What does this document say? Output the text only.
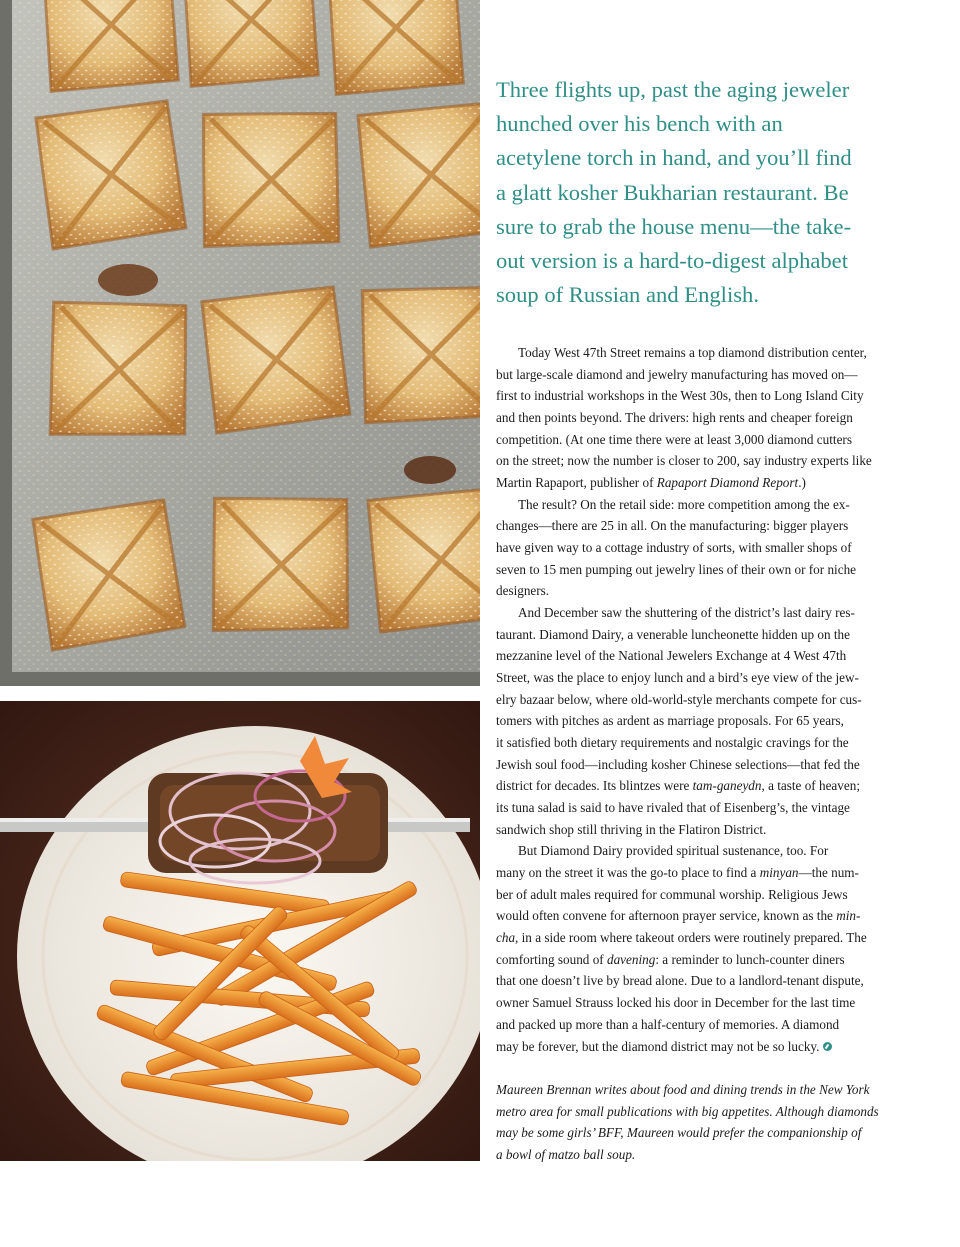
Three flights up, past the aging jeweler
hunched over his bench with an
acetylene torch in hand, and you’ll find
a glatt kosher Bukharian restaurant. Be
sure to grab the house menu—the take-
out version is a hard-to-digest alphabet
soup of Russian and English.

Today West 47th Street remains a top diamond distribution center,
but large-scale diamond and jewelry manufacturing has moved on—
first to industrial workshops in the West 30s, then to Long Island City
and then points beyond. The drivers: high rents and cheaper foreign
competition. (At one time there were at least 3,000 diamond cutters
on the street; now the number is closer to 200, say industry experts like
Martin Rapaport, publisher of Rapaport Diamond Report.)

The result? On the retail side: more competition among the ex-
changes—there are 25 in all. On the manufacturing: bigger players
have given way to a cottage industry of sorts, with smaller shops of
seven to 15 men pumping out jewelry lines of their own or for niche
designers.

And December saw the shuttering of the district’s last dairy res-
taurant. Diamond Dairy, a venerable luncheonette hidden up on the
mezzanine level of the National Jewelers Exchange at 4 West 47th
Street, was the place to enjoy lunch and a bird’s eye view of the jew-
elry bazaar below, where old-world-style merchants compete for cus-
tomers with pitches as ardent as marriage proposals. For 65 years,
it satisfied both dietary requirements and nostalgic cravings for the
Jewish soul food—including kosher Chinese selections—that fed the
district for decades. Its blintzes were tam-ganeydn, a taste of heaven;
its tuna salad is said to have rivaled that of Eisenberg’s, the vintage
sandwich shop still thriving in the Flatiron District.

But Diamond Dairy provided spiritual sustenance, too. For
many on the street it was the go-to place to find a minyan—the num-
ber of adult males required for communal worship. Religious Jews
would often convene for afternoon prayer service, known as the min-
cha, in a side room where takeout orders were routinely prepared. The
comforting sound of davening: a reminder to lunch-counter diners
that one doesn’t live by bread alone. Due to a landlord-tenant dispute,
owner Samuel Strauss locked his door in December for the last time
and packed up more than a half-century of memories. A diamond
may be forever, but the diamond district may not be so lucky.

Maureen Brennan writes about food and dining trends in the New York
metro area for small publications with big appetites. Although diamonds
may be some girls’ BFF, Maureen would prefer the companionship of
a bowl of matzo ball soup.
